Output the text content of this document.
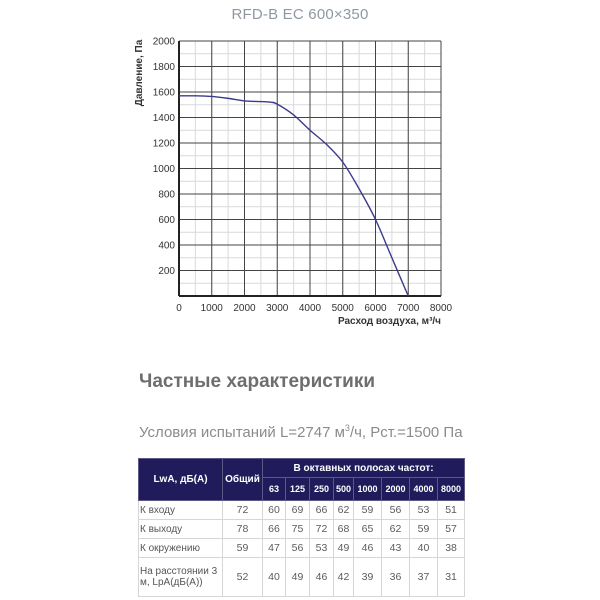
RFD-B EC 600×350
200
400
600
800
1000
1200
1400
1600
1800
2000
0 1000 2000 3000 4000 5000 6000 7000 8000
Давление, Па
Расход воздуха, м³/ч
Частные характеристики
Условия испытаний L=2747 $м^3/ч$, Рст.=1500 Па
LwA, дБ(А)	Общий	В октавных полосах частот:							
		63	125	250	500	1000	2000	4000	8000
К входу	72	60	69	66	62	59	56	53	51
К выходу	78	66	75	72	68	65	62	59	57
К окружению	59	47	56	53	49	46	43	40	38
На расстоянии 3 м, LpA(дБ(А))	52	40	49	46	42	39	36	37	31
